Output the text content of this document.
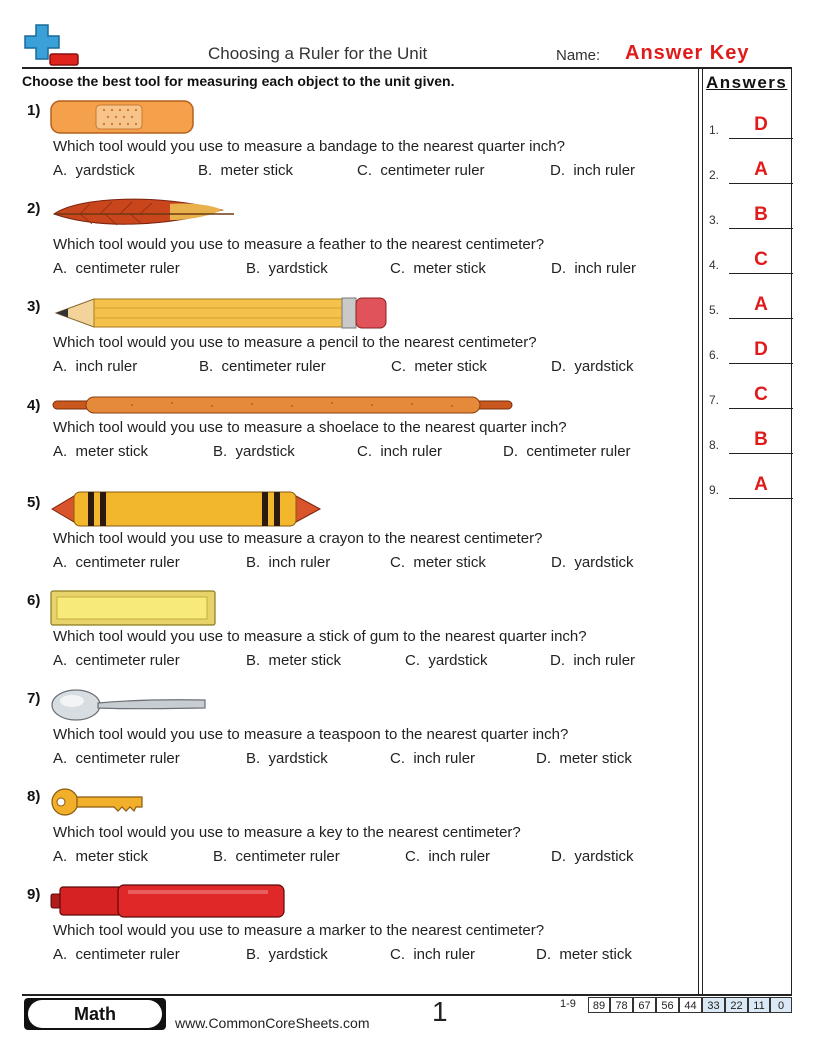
Choosing a Ruler for the Unit	Name: Answer Key
Choose the best tool for measuring each object to the unit given.	Answers
1.	D
2.	A
3.	B
4.	C
5.	A
6.	D
7.	C
8.	B
9.	A
1)
Which tool would you use to measure a bandage to the nearest quarter inch?
A. yardstick	B. meter stick	C. centimeter ruler	D. inch ruler
2)
Which tool would you use to measure a feather to the nearest centimeter?
A. centimeter ruler	B. yardstick	C. meter stick	D. inch ruler
3)
Which tool would you use to measure a pencil to the nearest centimeter?
A. inch ruler	B. centimeter ruler	C. meter stick	D. yardstick
4)
Which tool would you use to measure a shoelace to the nearest quarter inch?
A. meter stick	B. yardstick	C. inch ruler	D. centimeter ruler
5)
Which tool would you use to measure a crayon to the nearest centimeter?
A. centimeter ruler	B. inch ruler	C. meter stick	D. yardstick
6)
Which tool would you use to measure a stick of gum to the nearest quarter inch?
A. centimeter ruler	B. meter stick	C. yardstick	D. inch ruler
7)
Which tool would you use to measure a teaspoon to the nearest quarter inch?
A. centimeter ruler	B. yardstick	C. inch ruler	D. meter stick
8)
Which tool would you use to measure a key to the nearest centimeter?
A. meter stick	B. centimeter ruler	C. inch ruler	D. yardstick
9)
Which tool would you use to measure a marker to the nearest centimeter?
A. centimeter ruler	B. yardstick	C. inch ruler	D. meter stick
Math	www.CommonCoreSheets.com 1	1-9	89 78 67 56 44 33 22 11	0
